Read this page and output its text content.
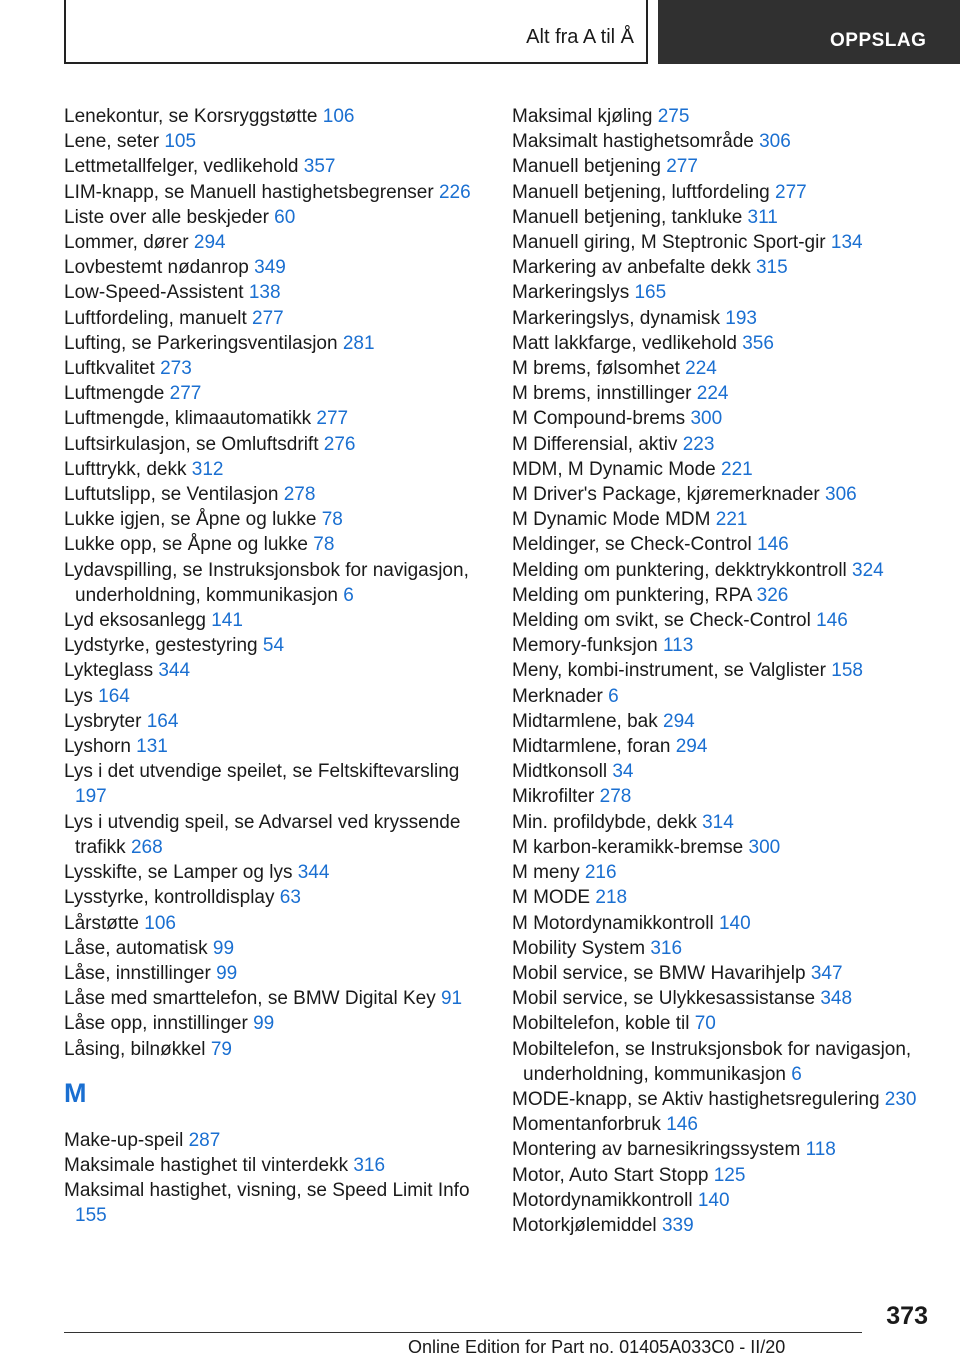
Alt fra A til Å	OPPSLAG
Lenekontur, se Korsryggstøtte 106
Lene, seter 105
Lettmetallfelger, vedlikehold 357
LIM-knapp, se Manuell hastighetsbegrenser 226
Liste over alle beskjeder 60
Lommer, dører 294
Lovbestemt nødanrop 349
Low-Speed-Assistent 138
Luftfordeling, manuelt 277
Lufting, se Parkeringsventilasjon 281
Luftkvalitet 273
Luftmengde 277
Luftmengde, klimaautomatikk 277
Luftsirkulasjon, se Omluftsdrift 276
Lufttrykk, dekk 312
Luftutslipp, se Ventilasjon 278
Lukke igjen, se Åpne og lukke 78
Lukke opp, se Åpne og lukke 78
Lydavspilling, se Instruksjonsbok for navigasjon, underholdning, kommunikasjon 6
Lyd eksosanlegg 141
Lydstyrke, gestestyring 54
Lykteglass 344
Lys 164
Lysbryter 164
Lyshorn 131
Lys i det utvendige speilet, se Feltskiftevarsling 197
Lys i utvendig speil, se Advarsel ved kryssende trafikk 268
Lysskifte, se Lamper og lys 344
Lysstyrke, kontrolldisplay 63
Lårstøtte 106
Låse, automatisk 99
Låse, innstillinger 99
Låse med smarttelefon, se BMW Digital Key 91
Låse opp, innstillinger 99
Låsing, bilnøkkel 79
M
Make-up-speil 287
Maksimale hastighet til vinterdekk 316
Maksimal hastighet, visning, se Speed Limit Info 155
Maksimal kjøling 275
Maksimalt hastighetsområde 306
Manuell betjening 277
Manuell betjening, luftfordeling 277
Manuell betjening, tankluke 311
Manuell giring, M Steptronic Sport-gir 134
Markering av anbefalte dekk 315
Markeringslys 165
Markeringslys, dynamisk 193
Matt lakkfarge, vedlikehold 356
M brems, følsomhet 224
M brems, innstillinger 224
M Compound-brems 300
M Differensial, aktiv 223
MDM, M Dynamic Mode 221
M Driver's Package, kjøremerknader 306
M Dynamic Mode MDM 221
Meldinger, se Check-Control 146
Melding om punktering, dekktrykkontroll 324
Melding om punktering, RPA 326
Melding om svikt, se Check-Control 146
Memory-funksjon 113
Meny, kombi-instrument, se Valglister 158
Merknader 6
Midtarmlene, bak 294
Midtarmlene, foran 294
Midtkonsoll 34
Mikrofilter 278
Min. profildybde, dekk 314
M karbon-keramikk-bremse 300
M meny 216
M MODE 218
M Motordynamikkontroll 140
Mobility System 316
Mobil service, se BMW Havarihjelp 347
Mobil service, se Ulykkesassistanse 348
Mobiltelefon, koble til 70
Mobiltelefon, se Instruksjonsbok for navigasjon, underholdning, kommunikasjon 6
MODE-knapp, se Aktiv hastighetsregulering 230
Momentanforbruk 146
Montering av barnesikringssystem 118
Motor, Auto Start Stopp 125
Motordynamikkontroll 140
Motorkjølemiddel 339
373
Online Edition for Part no. 01405A033C0 - II/20
